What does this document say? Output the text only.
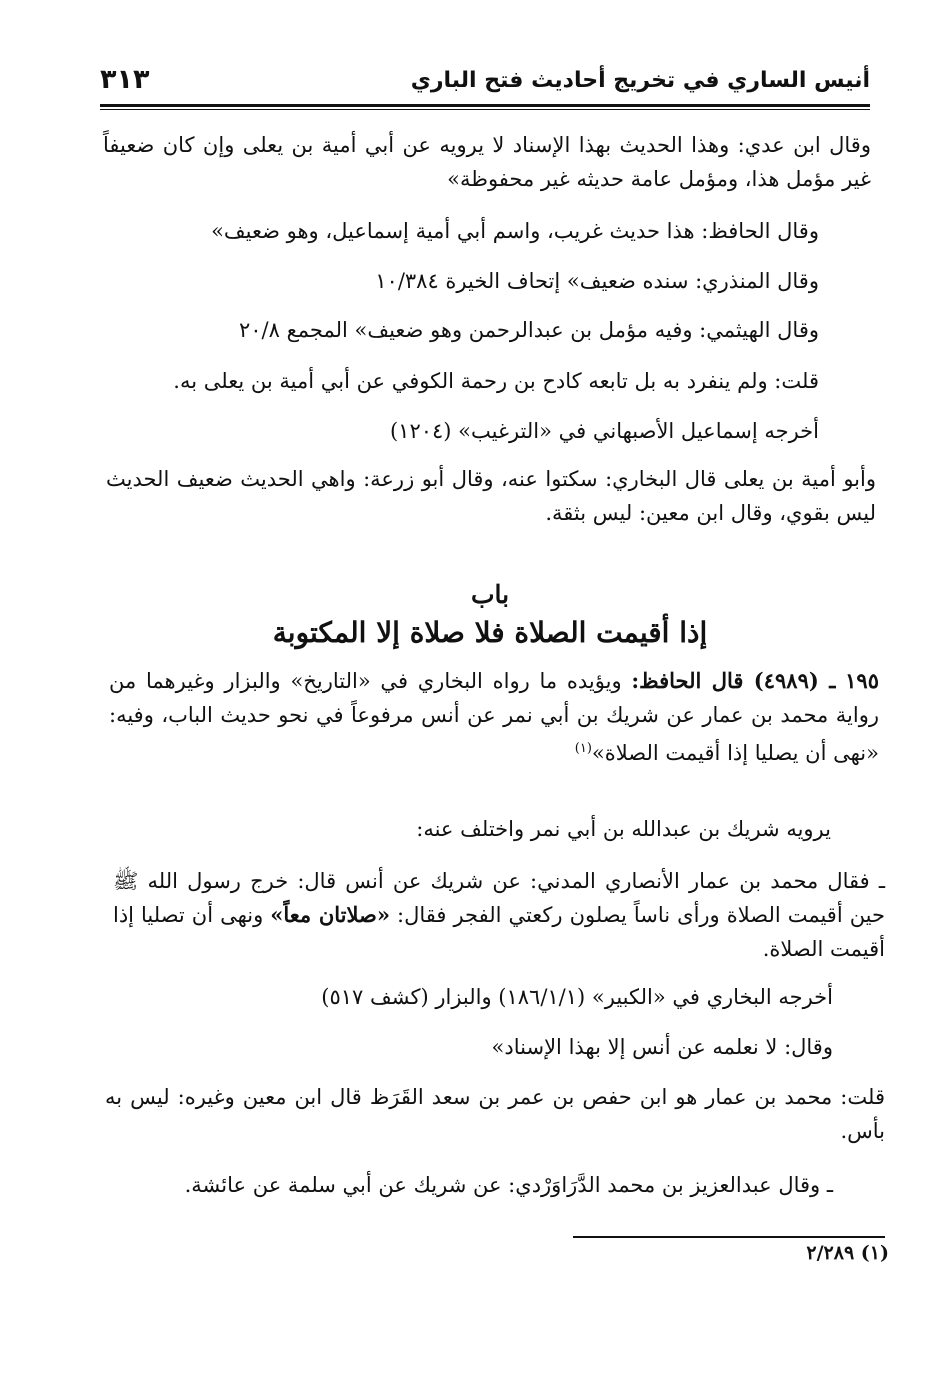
أنيس الساري في تخريج أحاديث فتح الباري
٣١٣
وقال ابن عدي: وهذا الحديث بهذا الإسناد لا يرويه عن أبي أمية بن يعلى وإن كان ضعيفاً غير مؤمل هذا، ومؤمل عامة حديثه غير محفوظة»
وقال الحافظ: هذا حديث غريب، واسم أبي أمية إسماعيل، وهو ضعيف»
وقال المنذري: سنده ضعيف» إتحاف الخيرة ١٠/٣٨٤
وقال الهيثمي: وفيه مؤمل بن عبدالرحمن وهو ضعيف» المجمع ٢٠/٨
قلت: ولم ينفرد به بل تابعه كادح بن رحمة الكوفي عن أبي أمية بن يعلى به.
أخرجه إسماعيل الأصبهاني في «الترغيب» (١٢٠٤)
وأبو أمية بن يعلى قال البخاري: سكتوا عنه، وقال أبو زرعة: واهي الحديث ضعيف الحديث ليس بقوي، وقال ابن معين: ليس بثقة.
باب
إذا أقيمت الصلاة فلا صلاة إلا المكتوبة
١٩٥ ـ (٤٩٨٩) قال الحافظ: ويؤيده ما رواه البخاري في «التاريخ» والبزار وغيرهما من رواية محمد بن عمار عن شريك بن أبي نمر عن أنس مرفوعاً في نحو حديث الباب، وفيه: «نهى أن يصليا إذا أقيمت الصلاة»$^{(١)}$
يرويه شريك بن عبدالله بن أبي نمر واختلف عنه:
ـ فقال محمد بن عمار الأنصاري المدني: عن شريك عن أنس قال: خرج رسول الله ﷺ حين أقيمت الصلاة ورأى ناساً يصلون ركعتي الفجر فقال: «صلاتان معاً» ونهى أن تصليا إذا أقيمت الصلاة.
أخرجه البخاري في «الكبير» (١٨٦/١/١) والبزار (كشف ٥١٧)
وقال: لا نعلمه عن أنس إلا بهذا الإسناد»
قلت: محمد بن عمار هو ابن حفص بن عمر بن سعد القَرَظ قال ابن معين وغيره: ليس به بأس.
ـ وقال عبدالعزيز بن محمد الدَّرَاوَرْدي: عن شريك عن أبي سلمة عن عائشة.
(١) ٢/٢٨٩
